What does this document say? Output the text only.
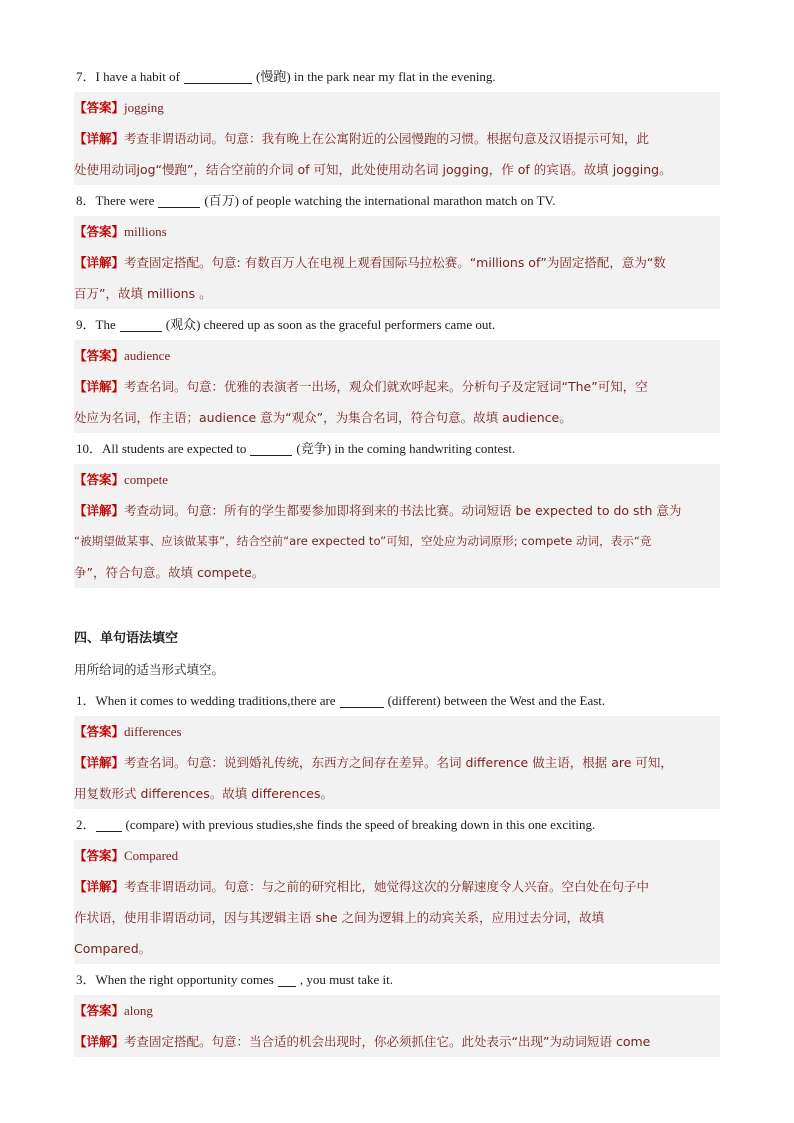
7．I have a habit of	(慢跑) in the park near my flat in the evening.
【答案】jogging
【详解】考查非谓语动词。句意：我有晚上在公寓附近的公园慢跑的习惯。根据句意及汉语提示可知，此
处使用动词jog“慢跑”，结合空前的介词 of 可知，此处使用动名词 jogging，作 of 的宾语。故填 jogging。
8．There were	(百万) of people watching the international marathon match on TV.
【答案】millions
【详解】考查固定搭配。句意: 有数百万人在电视上观看国际马拉松赛。“millions of”为固定搭配，意为“数
百万”，故填 millions 。
9．The	(观众) cheered up as soon as the graceful performers came out.
【答案】audience
【详解】考查名词。句意：优雅的表演者一出场，观众们就欢呼起来。分析句子及定冠词“The”可知，空
处应为名词，作主语；audience 意为“观众”，为集合名词，符合句意。故填 audience。
10．All students are expected to	(竞争) in the coming handwriting contest.
【答案】compete
【详解】考查动词。句意：所有的学生都要参加即将到来的书法比赛。动词短语 be expected to do sth 意为
“被期望做某事、应该做某事”，结合空前“are expected to”可知，空处应为动词原形; compete 动词，表示“竞
争”，符合句意。故填 compete。
四、单句语法填空
用所给词的适当形式填空。
1．When it comes to wedding traditions,there are	(different) between the West and the East.
【答案】differences
【详解】考查名词。句意：说到婚礼传统，东西方之间存在差异。名词 difference 做主语，根据 are 可知，
用复数形式 differences。故填 differences。
2． (compare) with previous studies,she finds the speed of breaking down in this one exciting.
【答案】Compared
【详解】考查非谓语动词。句意：与之前的研究相比，她觉得这次的分解速度令人兴奋。空白处在句子中
作状语，使用非谓语动词，因与其逻辑主语 she 之间为逻辑上的动宾关系，应用过去分词，故填
Compared。
3．When the right opportunity comes , you must take it.
【答案】along
【详解】考查固定搭配。句意：当合适的机会出现时，你必须抓住它。此处表示“出现”为动词短语 come
